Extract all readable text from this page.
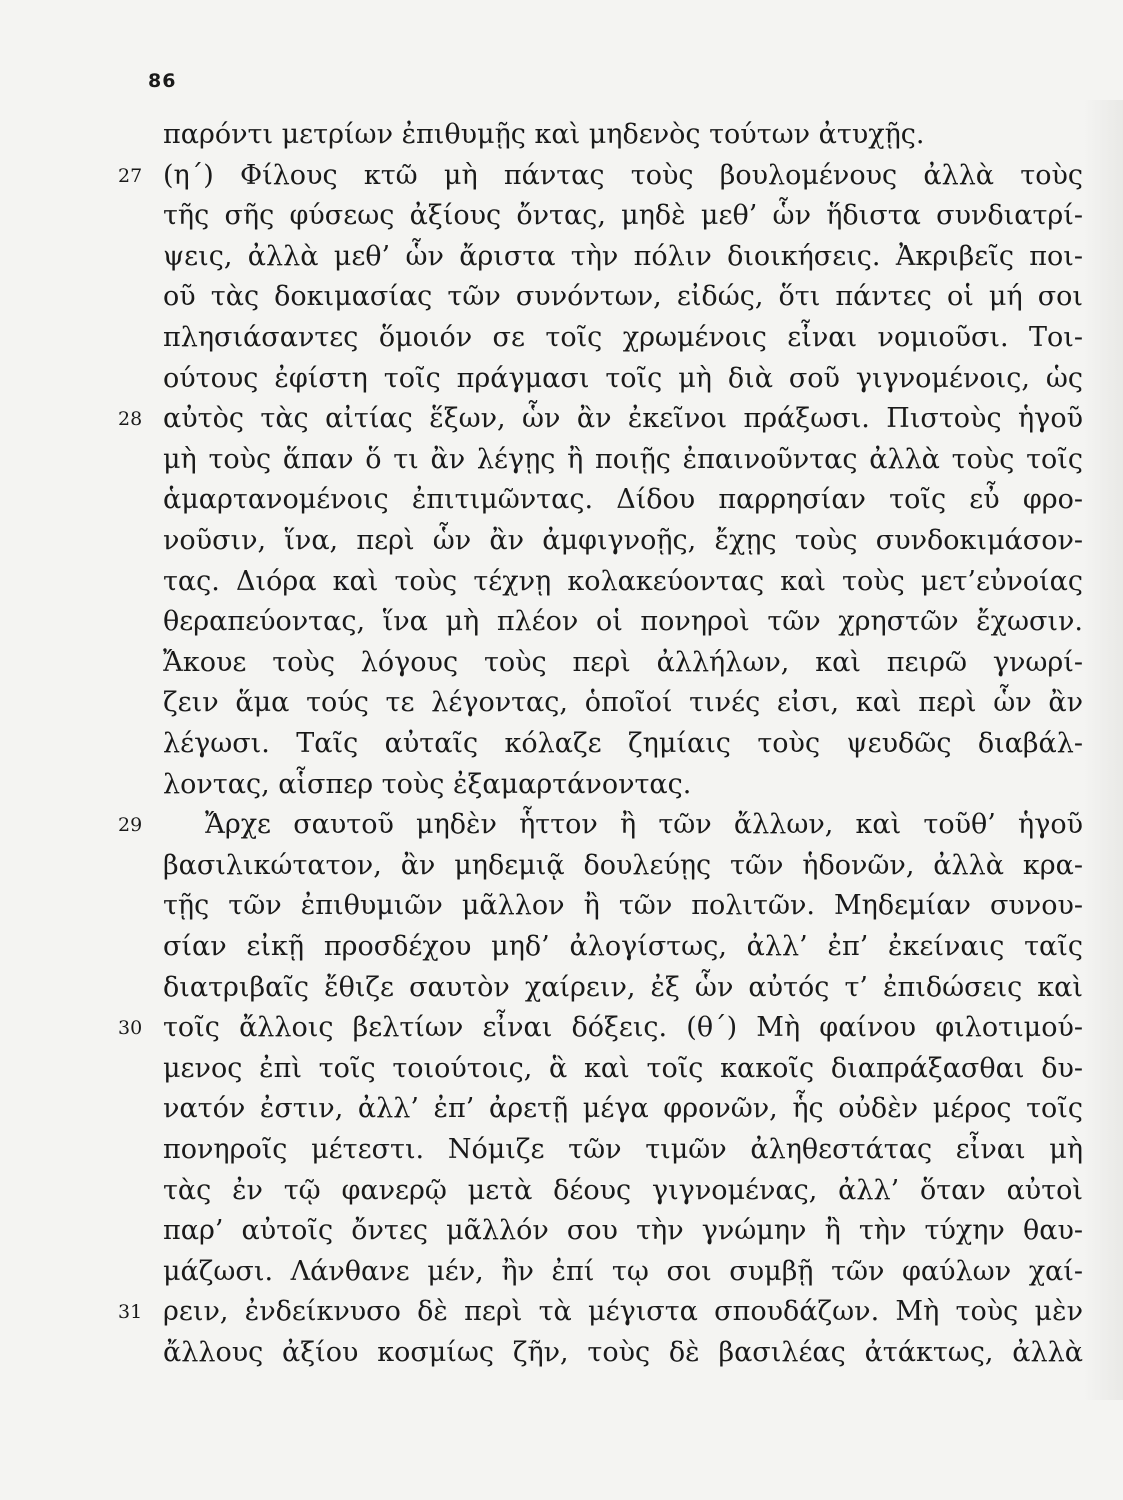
86
παρόντι μετρίων ἐπιθυμῇς καὶ μηδενὸς τούτων ἀτυχῇς.
(η΄) Φίλους κτῶ μὴ πάντας τοὺς βουλομένους ἀλλὰ τοὺς
27
τῆς σῆς φύσεως ἀξίους ὄντας, μηδὲ μεθ’ ὧν ἥδιστα συνδιατρί-
ψεις, ἀλλὰ μεθ’ ὧν ἄριστα τὴν πόλιν διοικήσεις. Ἀκριβεῖς ποι-
οῦ τὰς δοκιμασίας τῶν συνόντων, εἰδώς, ὅτι πάντες οἱ μή σοι
πλησιάσαντες ὅμοιόν σε τοῖς χρωμένοις εἶναι νομιοῦσι. Τοι-
ούτους ἐφίστη τοῖς πράγμασι τοῖς μὴ διὰ σοῦ γιγνομένοις, ὡς
αὐτὸς τὰς αἰτίας ἕξων, ὧν ἂν ἐκεῖνοι πράξωσι. Πιστοὺς ἡγοῦ
28
μὴ τοὺς ἅπαν ὅ τι ἂν λέγῃς ἢ ποιῇς ἐπαινοῦντας ἀλλὰ τοὺς τοῖς
ἁμαρτανομένοις ἐπιτιμῶντας. Δίδου παρρησίαν τοῖς εὖ φρο-
νοῦσιν, ἵνα, περὶ ὧν ἂν ἀμφιγνοῇς, ἔχῃς τοὺς συνδοκιμάσον-
τας. Διόρα καὶ τοὺς τέχνῃ κολακεύοντας καὶ τοὺς μετ’εὐνοίας
θεραπεύοντας, ἵνα μὴ πλέον οἱ πονηροὶ τῶν χρηστῶν ἔχωσιν.
Ἄκουε τοὺς λόγους τοὺς περὶ ἀλλήλων, καὶ πειρῶ γνωρί-
ζειν ἅμα τούς τε λέγοντας, ὁποῖοί τινές εἰσι, καὶ περὶ ὧν ἂν
λέγωσι. Ταῖς αὐταῖς κόλαζε ζημίαις τοὺς ψευδῶς διαβάλ-
λοντας, αἷσπερ τοὺς ἐξαμαρτάνοντας.
Ἄρχε σαυτοῦ μηδὲν ἧττον ἢ τῶν ἄλλων, καὶ τοῦθ’ ἡγοῦ
29
βασιλικώτατον, ἂν μηδεμιᾷ δουλεύῃς τῶν ἡδονῶν, ἀλλὰ κρα-
τῇς τῶν ἐπιθυμιῶν μᾶλλον ἢ τῶν πολιτῶν. Μηδεμίαν συνου-
σίαν εἰκῇ προσδέχου μηδ’ ἀλογίστως, ἀλλ’ ἐπ’ ἐκείναις ταῖς
διατριβαῖς ἔθιζε σαυτὸν χαίρειν, ἐξ ὧν αὐτός τ’ ἐπιδώσεις καὶ
τοῖς ἄλλοις βελτίων εἶναι δόξεις. (θ΄) Μὴ φαίνου φιλοτιμού-
30
μενος ἐπὶ τοῖς τοιούτοις, ἃ καὶ τοῖς κακοῖς διαπράξασθαι δυ-
νατόν ἐστιν, ἀλλ’ ἐπ’ ἀρετῇ μέγα φρονῶν, ἧς οὐδὲν μέρος τοῖς
πονηροῖς μέτεστι. Νόμιζε τῶν τιμῶν ἀληθεστάτας εἶναι μὴ
τὰς ἐν τῷ φανερῷ μετὰ δέους γιγνομένας, ἀλλ’ ὅταν αὐτοὶ
παρ’ αὐτοῖς ὄντες μᾶλλόν σου τὴν γνώμην ἢ τὴν τύχην θαυ-
μάζωσι. Λάνθανε μέν, ἢν ἐπί τῳ σοι συμβῇ τῶν φαύλων χαί-
ρειν, ἐνδείκνυσο δὲ περὶ τὰ μέγιστα σπουδάζων. Μὴ τοὺς μὲν
31
ἄλλους ἀξίου κοσμίως ζῆν, τοὺς δὲ βασιλέας ἀτάκτως, ἀλλὰ
